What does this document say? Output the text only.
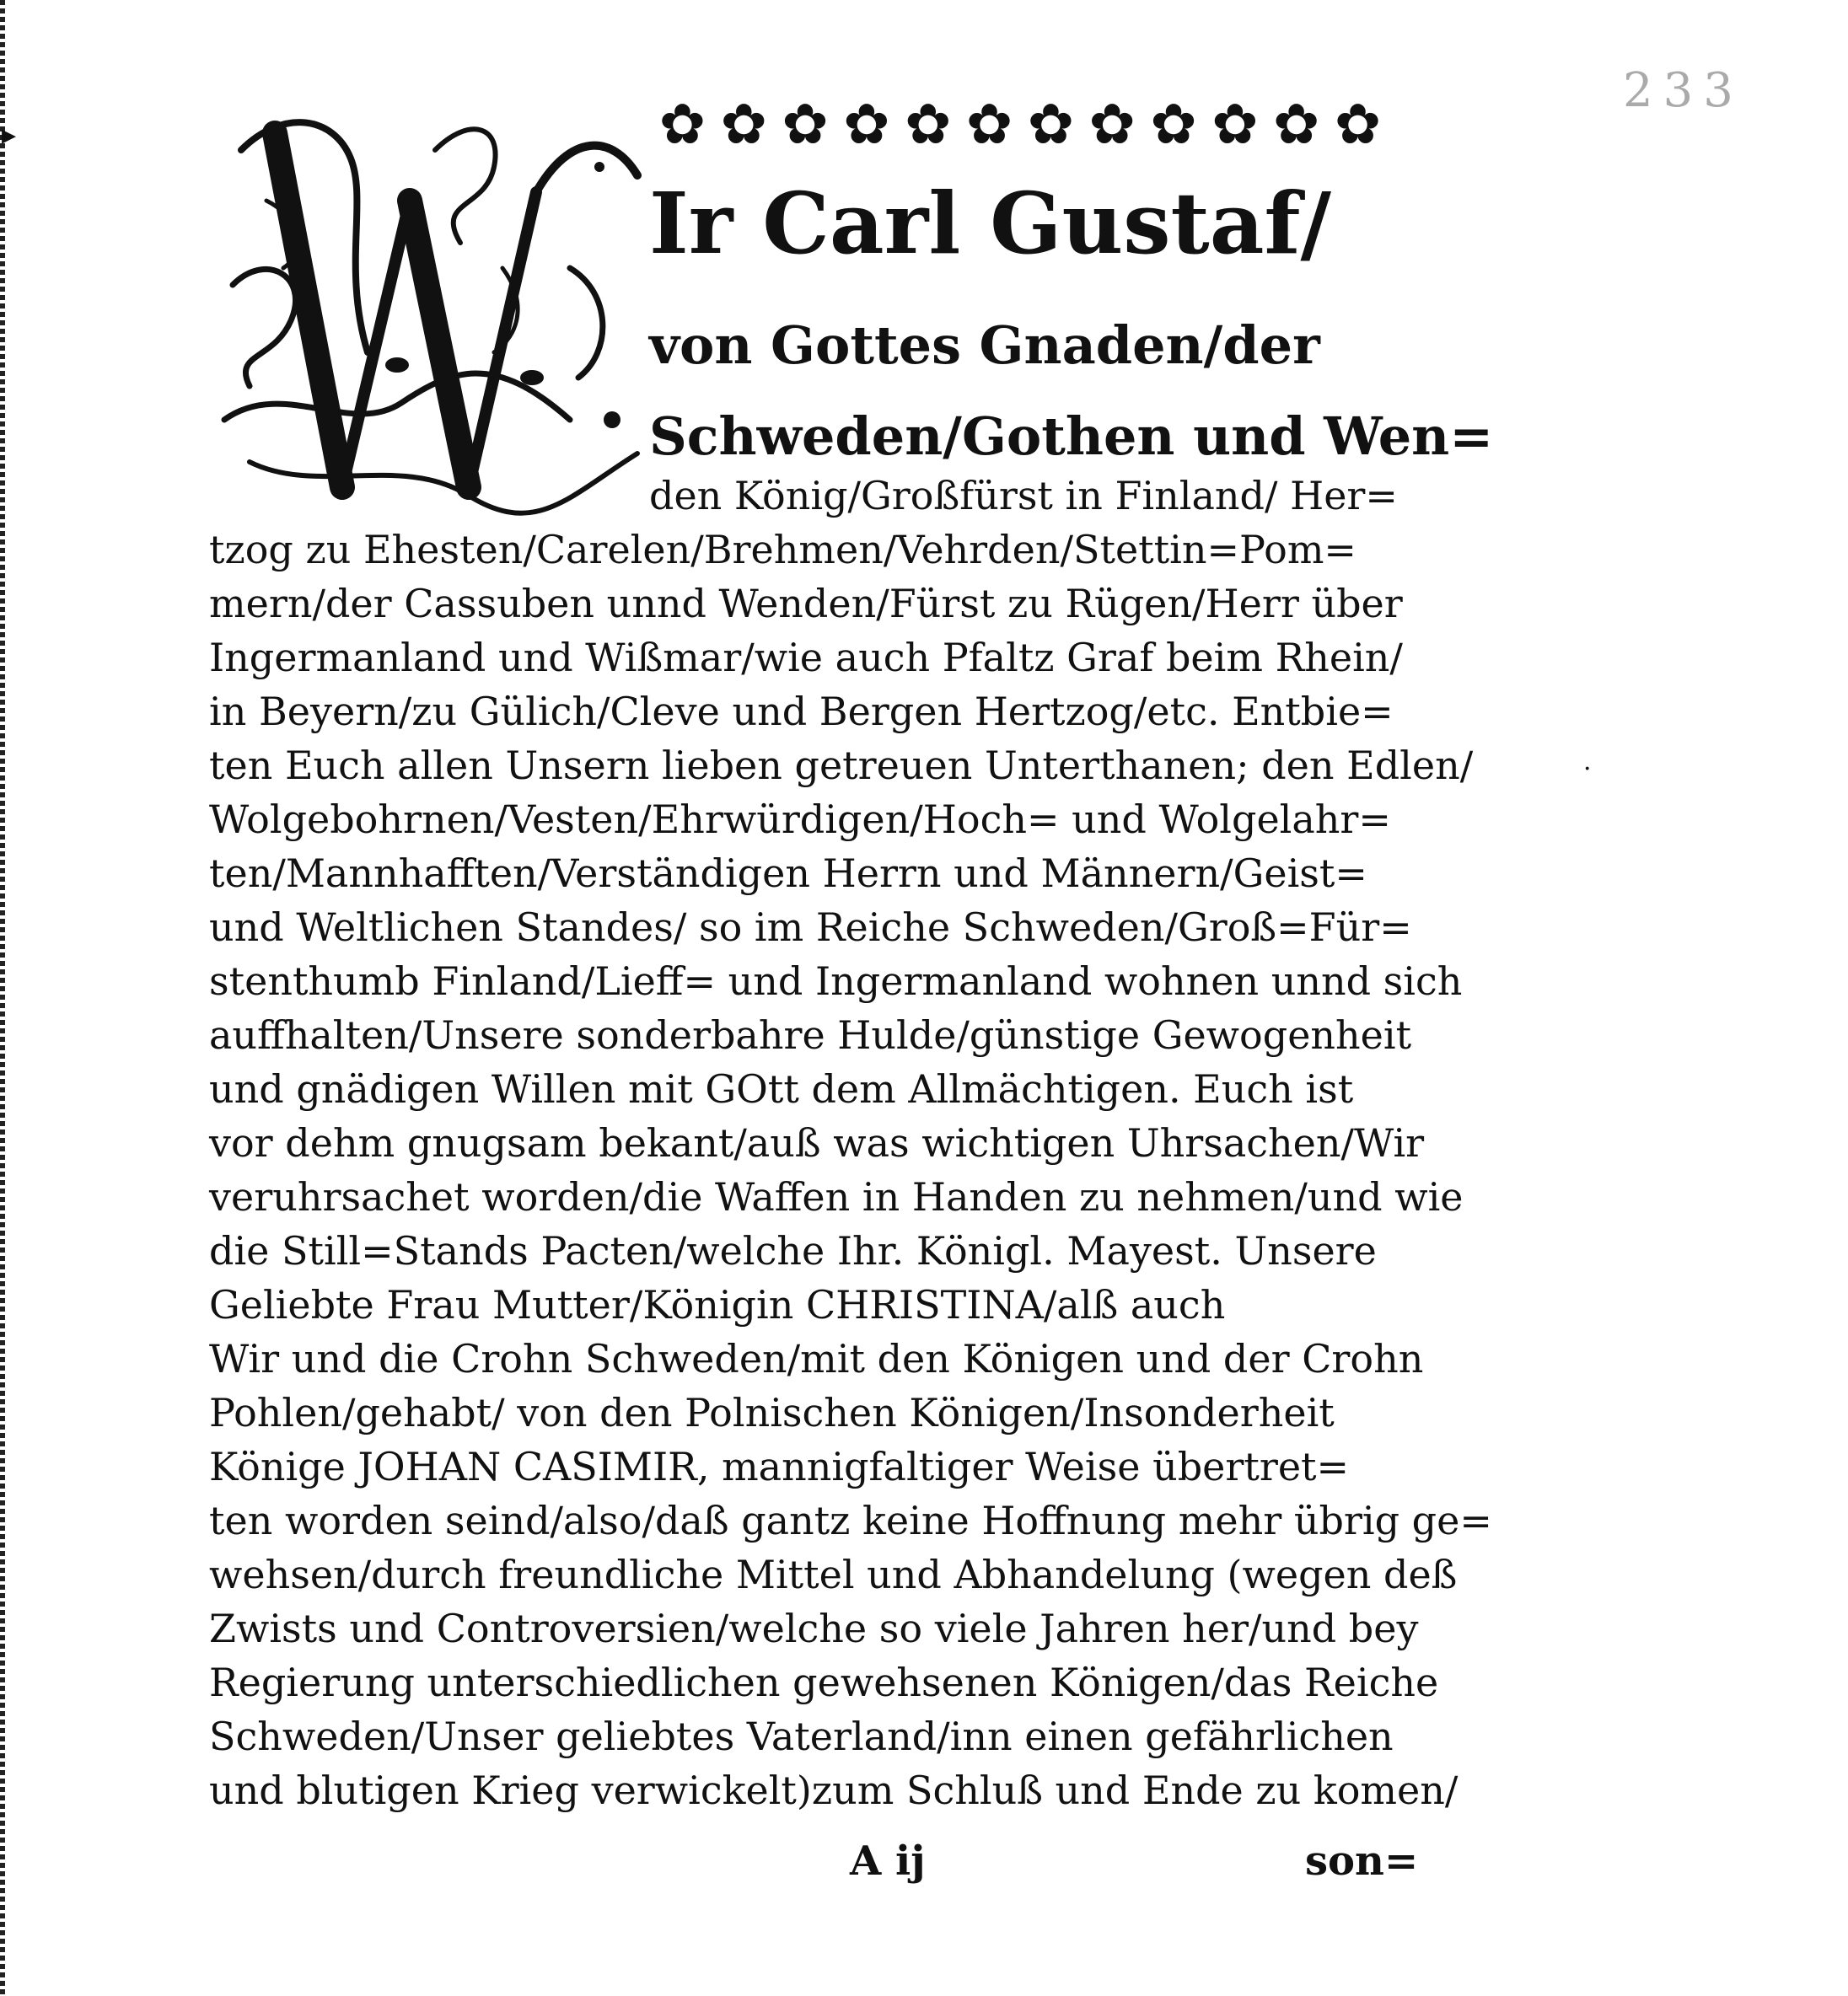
▸
233
·
✿ ✿ ✿ ✿ ✿ ✿ ✿ ✿ ✿ ✿ ✿ ✿
Ir Carl Gustaf/
von Gottes Gnaden/der
Schweden/Gothen und Wen=
den König/Großfürst in Finland/ Her=
tzog zu Ehesten/Carelen/Brehmen/Vehrden/Stettin=Pom=
mern/der Cassuben unnd Wenden/Fürst zu Rügen/Herr über
Ingermanland und Wißmar/wie auch Pfaltz Graf beim Rhein/
in Beyern/zu Gülich/Cleve und Bergen Hertzog/etc. Entbie=
ten Euch allen Unsern lieben getreuen Unterthanen; den Edlen/
Wolgebohrnen/Vesten/Ehrwürdigen/Hoch= und Wolgelahr=
ten/Mannhafften/Verständigen Herrn und Männern/Geist=
und Weltlichen Standes/ so im Reiche Schweden/Groß=Für=
stenthumb Finland/Lieff= und Ingermanland wohnen unnd sich
auffhalten/Unsere sonderbahre Hulde/günstige Gewogenheit
und gnädigen Willen mit GOtt dem Allmächtigen. Euch ist
vor dehm gnugsam bekant/auß was wichtigen Uhrsachen/Wir
veruhrsachet worden/die Waffen in Handen zu nehmen/und wie
die Still=Stands Pacten/welche Ihr. Königl. Mayest. Unsere
Geliebte Frau Mutter/Königin CHRISTINA/alß auch
Wir und die Crohn Schweden/mit den Königen und der Crohn
Pohlen/gehabt/ von den Polnischen Königen/Insonderheit
Könige JOHAN CASIMIR, mannigfaltiger Weise übertret=
ten worden seind/also/daß gantz keine Hoffnung mehr übrig ge=
wehsen/durch freundliche Mittel und Abhandelung (wegen deß
Zwists und Controversien/welche so viele Jahren her/und bey
Regierung unterschiedlichen gewehsenen Königen/das Reiche
Schweden/Unser geliebtes Vaterland/inn einen gefährlichen
und blutigen Krieg verwickelt)zum Schluß und Ende zu komen/
A ij	son=
